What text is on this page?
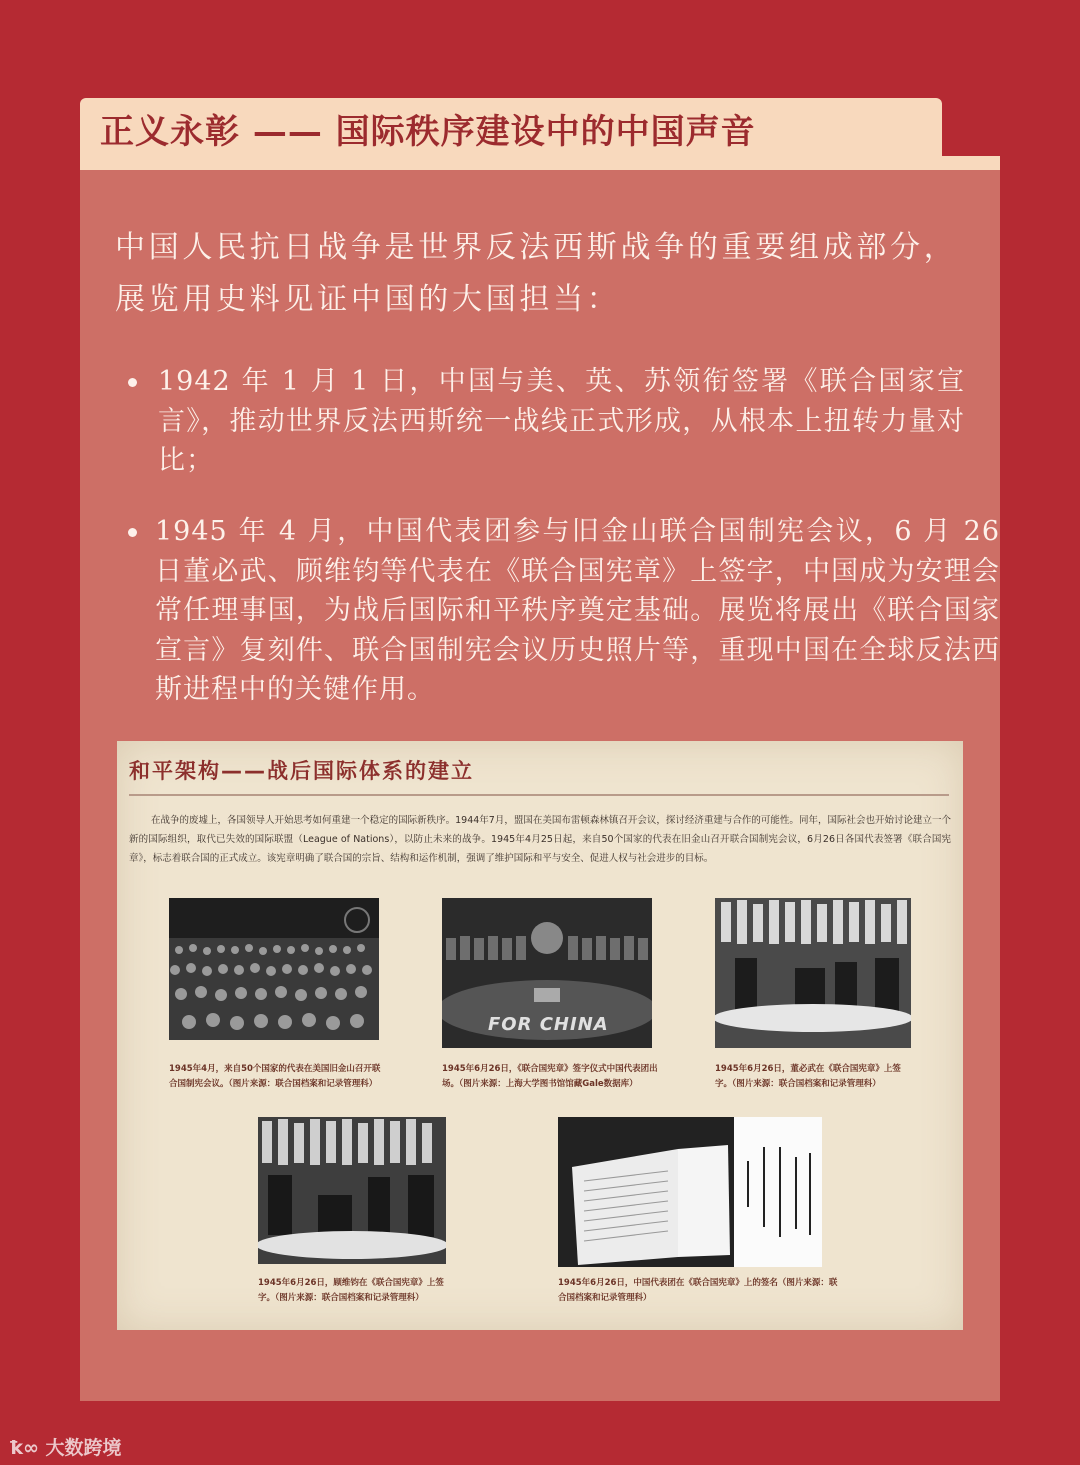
正义永彰 —— 国际秩序建设中的中国声音

中国人民抗日战争是世界反法西斯战争的重要组成部分，展览用史料见证中国的大国担当：

1942 年 1 月 1 日，中国与美、英、苏领衔签署《联合国家宣言》，推动世界反法西斯统一战线正式形成，从根本上扭转力量对比；
1945 年 4 月，中国代表团参与旧金山联合国制宪会议，6 月 26 日董必武、顾维钧等代表在《联合国宪章》上签字，中国成为安理会常任理事国，为战后国际和平秩序奠定基础。展览将展出《联合国家宣言》复刻件、联合国制宪会议历史照片等，重现中国在全球反法西斯进程中的关键作用。
和平架构——战后国际体系的建立

在战争的废墟上，各国领导人开始思考如何重建一个稳定的国际新秩序。1944年7月，盟国在美国布雷顿森林镇召开会议，探讨经济重建与合作的可能性。同年，国际社会也开始讨论建立一个新的国际组织，取代已失效的国际联盟（League of Nations），以防止未来的战争。1945年4月25日起，来自50个国家的代表在旧金山召开联合国制宪会议，6月26日各国代表签署《联合国宪章》，标志着联合国的正式成立。该宪章明确了联合国的宗旨、结构和运作机制，强调了维护国际和平与安全、促进人权与社会进步的目标。

1945年4月，来自50个国家的代表在美国旧金山召开联合国制宪会议。（图片来源：联合国档案和记录管理科）

FOR CHINA

1945年6月26日，《联合国宪章》签字仪式中国代表团出场。（图片来源：上海大学图书馆馆藏Gale数据库）

1945年6月26日，董必武在《联合国宪章》上签字。（图片来源：联合国档案和记录管理科）

1945年6月26日，顾维钧在《联合国宪章》上签字。（图片来源：联合国档案和记录管理科）

1945年6月26日，中国代表团在《联合国宪章》上的签名（图片来源：联合国档案和记录管理科）

ꝁ∞ 大数跨境
